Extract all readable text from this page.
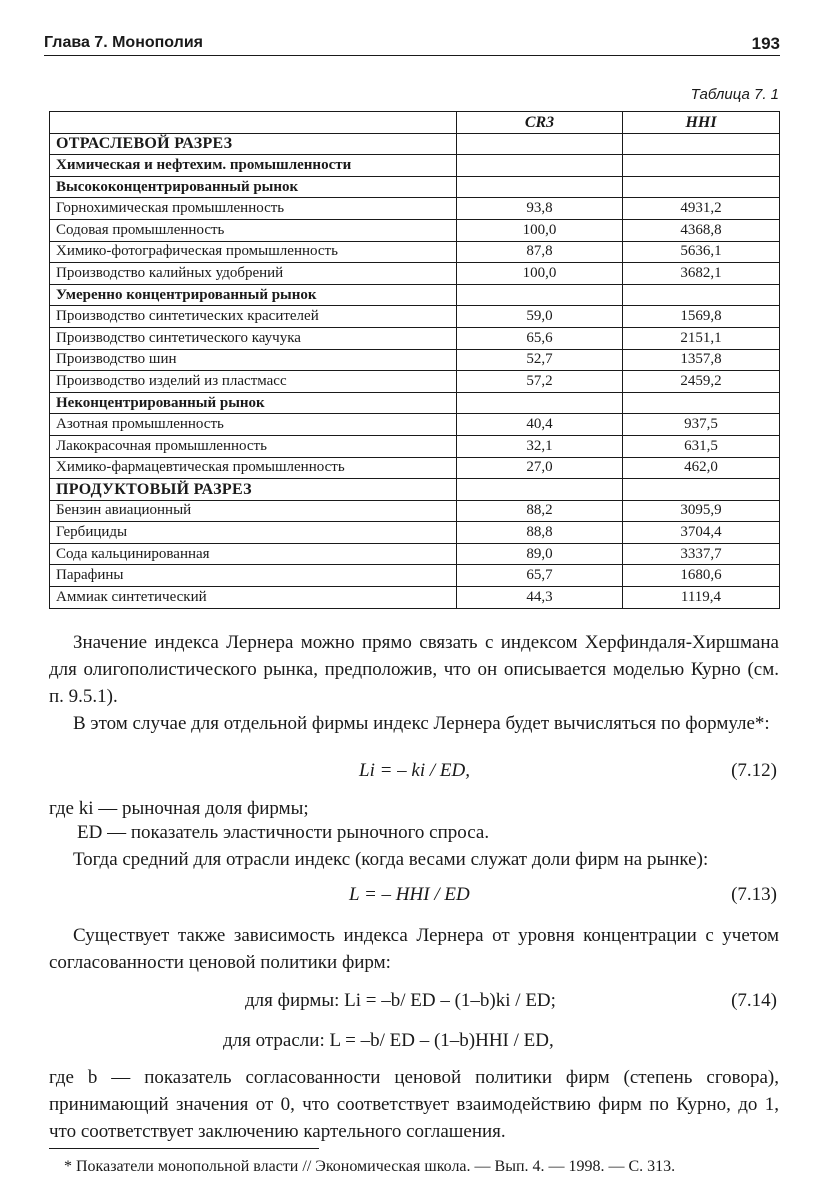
Глава 7. Монополия	193
Таблица 7. 1
	CR3	HHI
ОТРАСЛЕВОЙ РАЗРЕЗ		
Химическая и нефтехим. промышленности		
Высококонцентрированный рынок		
Горнохимическая промышленность	93,8	4931,2
Содовая промышленность	100,0	4368,8
Химико-фотографическая промышленность	87,8	5636,1
Производство калийных удобрений	100,0	3682,1
Умеренно концентрированный рынок		
Производство синтетических красителей	59,0	1569,8
Производство синтетического каучука	65,6	2151,1
Производство шин	52,7	1357,8
Производство изделий из пластмасс	57,2	2459,2
Неконцентрированный рынок		
Азотная промышленность	40,4	937,5
Лакокрасочная промышленность	32,1	631,5
Химико-фармацевтическая промышленность	27,0	462,0
ПРОДУКТОВЫЙ РАЗРЕЗ		
Бензин авиационный	88,2	3095,9
Гербициды	88,8	3704,4
Сода кальцинированная	89,0	3337,7
Парафины	65,7	1680,6
Аммиак синтетический	44,3	1119,4

Значение индекса Лернера можно прямо связать с индексом Херфиндаля-Хиршмана для олигополистического рынка, предположив, что он описывается моделью Курно (см. п. 9.5.1).

В этом случае для отдельной фирмы индекс Лернера будет вычисляться по формуле*:

Li = – ki / ED,	(7.12)
где ki — рыночная доля фирмы;
ED — показатель эластичности рыночного спроса.

Тогда средний для отрасли индекс (когда весами служат доли фирм на рынке):

L = – HHI / ED	(7.13)

Существует также зависимость индекса Лернера от уровня концентрации с учетом согласованности ценовой политики фирм:

для фирмы: Li = –b/ ED – (1–b)ki / ED;	(7.14)
для отрасли: L = –b/ ED – (1–b)HHI / ED,

где b — показатель согласованности ценовой политики фирм (степень сговора), принимающий значения от 0, что соответствует взаимодействию фирм по Курно, до 1, что соответствует заключению картельного соглашения.

* Показатели монопольной власти // Экономическая школа. — Вып. 4. — 1998. — С. 313.
